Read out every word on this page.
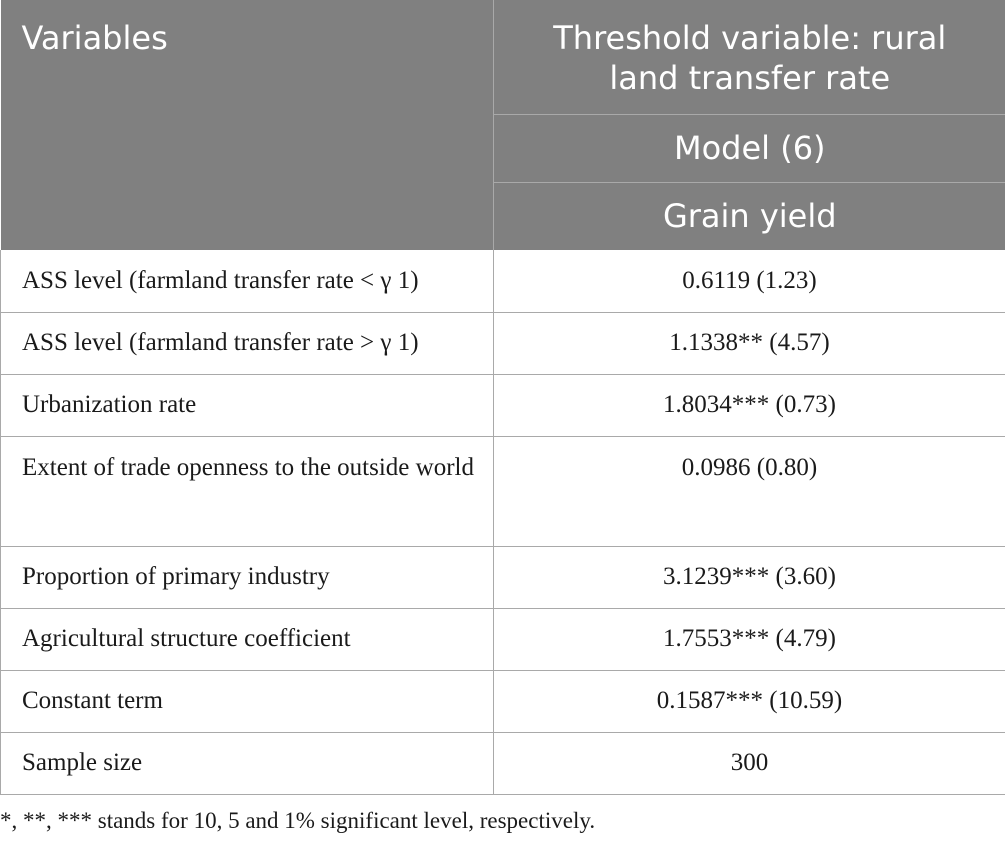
Variables	Threshold variable: rural land transfer rate
	Model (6)
	Grain yield
ASS level (farmland transfer rate < γ 1)	0.6119 (1.23)
ASS level (farmland transfer rate > γ 1)	1.1338** (4.57)
Urbanization rate	1.8034*** (0.73)
Extent of trade openness to the outside world	0.0986 (0.80)
Proportion of primary industry	3.1239*** (3.60)
Agricultural structure coefficient	1.7553*** (4.79)
Constant term	0.1587*** (10.59)
Sample size	300
*, **, *** stands for 10, 5 and 1% significant level, respectively.
